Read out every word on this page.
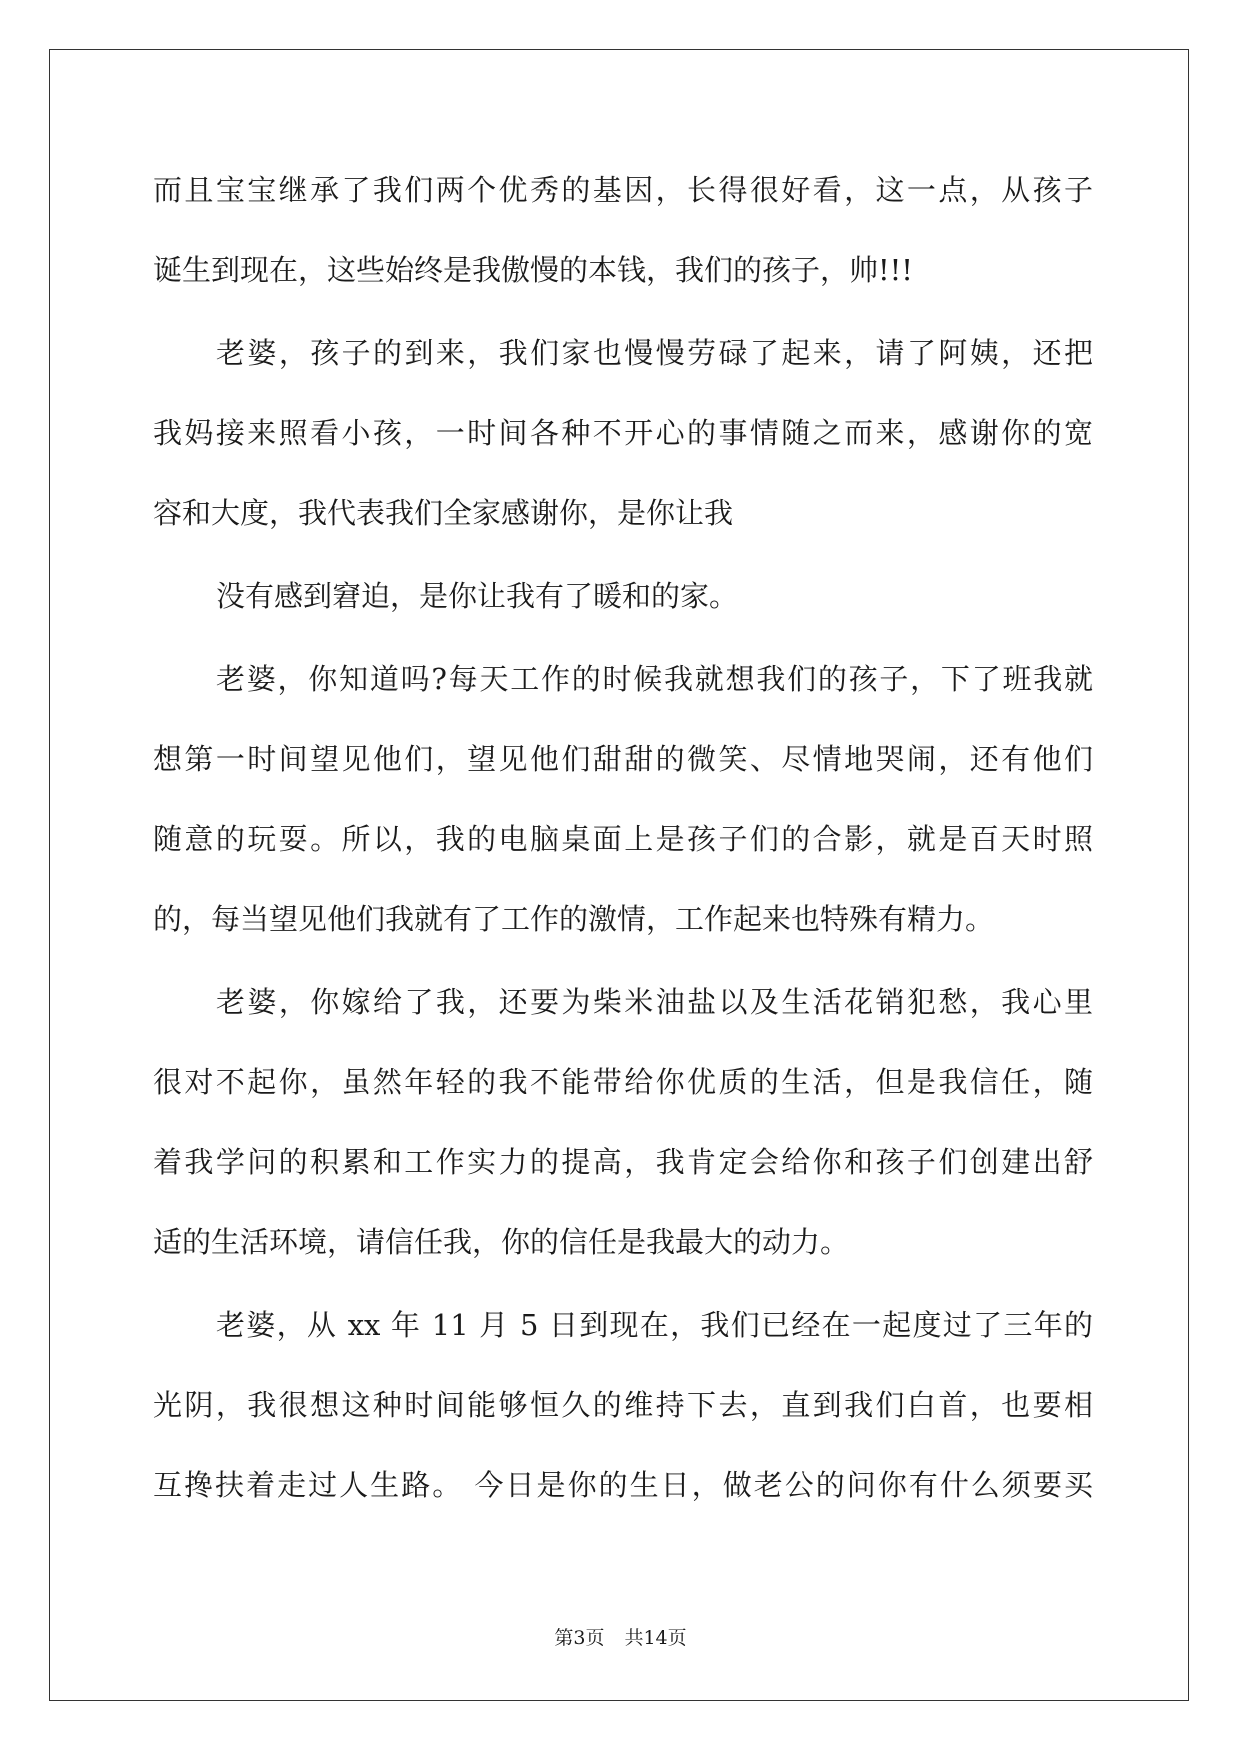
而且宝宝继承了我们两个优秀的基因，长得很好看，这一点，从孩子
诞生到现在，这些始终是我傲慢的本钱，我们的孩子，帅!!!
老婆，孩子的到来，我们家也慢慢劳碌了起来，请了阿姨，还把
我妈接来照看小孩，一时间各种不开心的事情随之而来，感谢你的宽
容和大度，我代表我们全家感谢你，是你让我
没有感到窘迫，是你让我有了暖和的家。
老婆，你知道吗?每天工作的时候我就想我们的孩子，下了班我就
想第一时间望见他们，望见他们甜甜的微笑、尽情地哭闹，还有他们
随意的玩耍。所以，我的电脑桌面上是孩子们的合影，就是百天时照
的，每当望见他们我就有了工作的激情，工作起来也特殊有精力。
老婆，你嫁给了我，还要为柴米油盐以及生活花销犯愁，我心里
很对不起你，虽然年轻的我不能带给你优质的生活，但是我信任，随
着我学问的积累和工作实力的提高，我肯定会给你和孩子们创建出舒
适的生活环境，请信任我，你的信任是我最大的动力。
老婆，从 xx 年 11 月 5 日到现在，我们已经在一起度过了三年的
光阴，我很想这种时间能够恒久的维持下去，直到我们白首，也要相
互搀扶着走过人生路。 今日是你的生日，做老公的问你有什么须要买
第3页 共14页
